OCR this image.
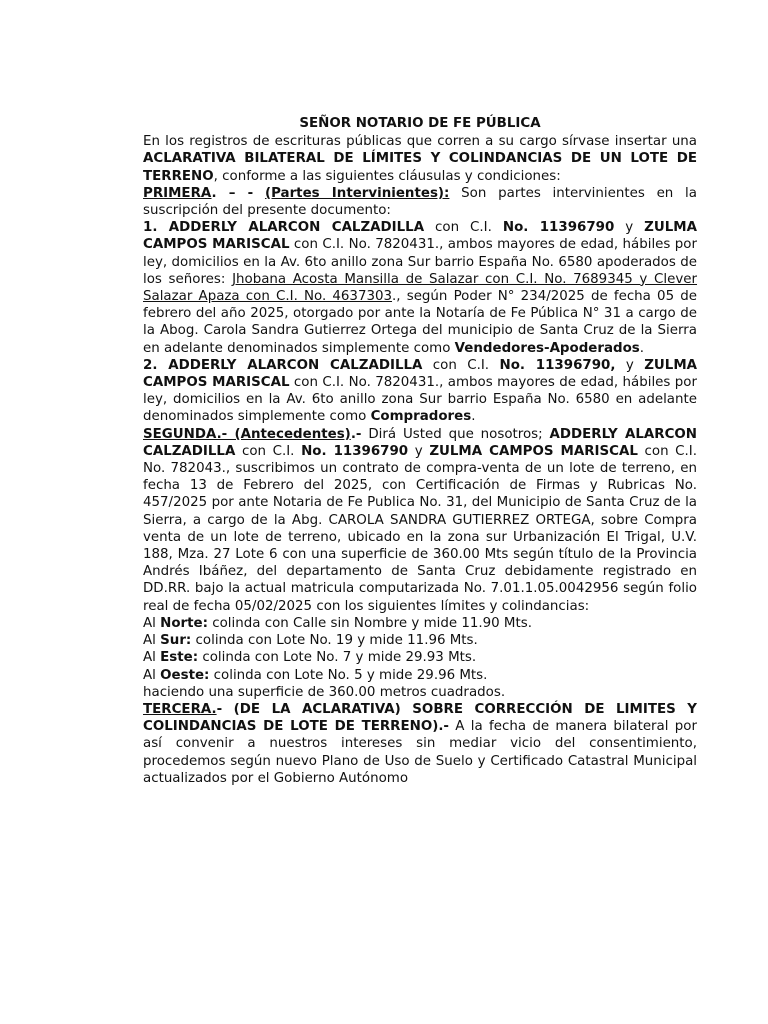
SEÑOR NOTARIO DE FE PÚBLICA

En los registros de escrituras públicas que corren a su cargo sírvase insertar una ACLARATIVA BILATERAL DE LÍMITES Y COLINDANCIAS DE UN LOTE DE TERRENO, conforme a las siguientes cláusulas y condiciones:

PRIMERA. – - (Partes Intervinientes): Son partes intervinientes en la suscripción del presente documento:

1. ADDERLY ALARCON CALZADILLA con C.I. No. 11396790 y ZULMA CAMPOS MARISCAL con C.I. No. 7820431., ambos mayores de edad, hábiles por ley, domicilios en la Av. 6to anillo zona Sur barrio España No. 6580 apoderados de los señores: Jhobana Acosta Mansilla de Salazar con C.I. No. 7689345 y Clever Salazar Apaza con C.I. No. 4637303., según Poder N° 234/2025 de fecha 05 de febrero del año 2025, otorgado por ante la Notaría de Fe Pública N° 31 a cargo de la Abog. Carola Sandra Gutierrez Ortega del municipio de Santa Cruz de la Sierra en adelante denominados simplemente como Vendedores-Apoderados.

2. ADDERLY ALARCON CALZADILLA con C.I. No. 11396790, y ZULMA CAMPOS MARISCAL con C.I. No. 7820431., ambos mayores de edad, hábiles por ley, domicilios en la Av. 6to anillo zona Sur barrio España No. 6580 en adelante denominados simplemente como Compradores.

SEGUNDA.- (Antecedentes).- Dirá Usted que nosotros; ADDERLY ALARCON CALZADILLA con C.I. No. 11396790 y ZULMA CAMPOS MARISCAL con C.I. No. 782043., suscribimos un contrato de compra-venta de un lote de terreno, en fecha 13 de Febrero del 2025, con Certificación de Firmas y Rubricas No. 457/2025 por ante Notaria de Fe Publica No. 31, del Municipio de Santa Cruz de la Sierra, a cargo de la Abg. CAROLA SANDRA GUTIERREZ ORTEGA, sobre Compra venta de un lote de terreno, ubicado en la zona sur Urbanización El Trigal, U.V. 188, Mza. 27 Lote 6 con una superficie de 360.00 Mts según título de la Provincia Andrés Ibáñez, del departamento de Santa Cruz debidamente registrado en DD.RR. bajo la actual matricula computarizada No. 7.01.1.05.0042956 según folio real de fecha 05/02/2025 con los siguientes límites y colindancias:

Al Norte: colinda con Calle sin Nombre y mide 11.90 Mts.

Al Sur: colinda con Lote No. 19 y mide 11.96 Mts.

Al Este: colinda con Lote No. 7 y mide 29.93 Mts.

Al Oeste: colinda con Lote No. 5 y mide 29.96 Mts.

haciendo una superficie de 360.00 metros cuadrados.

TERCERA.- (DE LA ACLARATIVA) SOBRE CORRECCIÓN DE LIMITES Y COLINDANCIAS DE LOTE DE TERRENO).- A la fecha de manera bilateral por así convenir a nuestros intereses sin mediar vicio del consentimiento, procedemos según nuevo Plano de Uso de Suelo y Certificado Catastral Municipal actualizados por el Gobierno Autónomo
